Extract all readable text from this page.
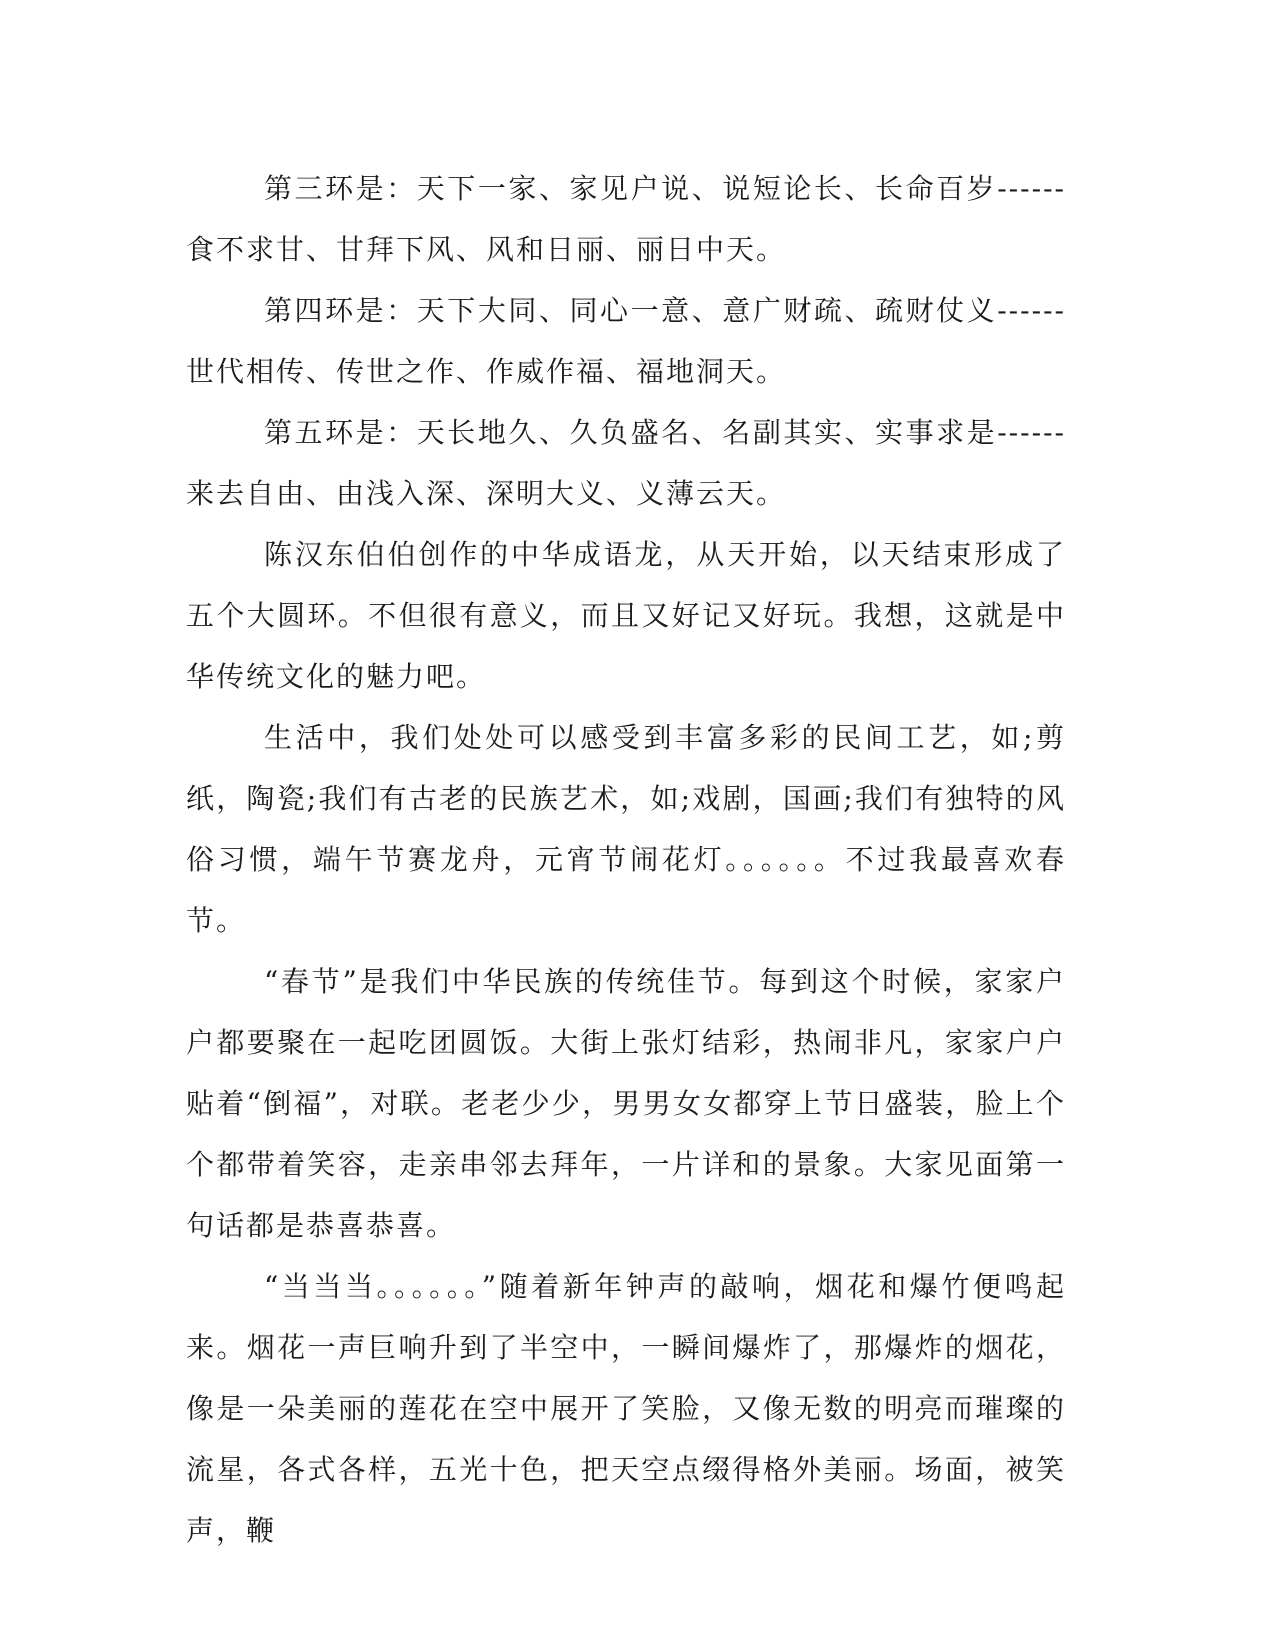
第三环是：天下一家、家见户说、说短论长、长命百岁------食不求甘、甘拜下风、风和日丽、丽日中天。

第四环是：天下大同、同心一意、意广财疏、疏财仗义------世代相传、传世之作、作威作福、福地洞天。

第五环是：天长地久、久负盛名、名副其实、实事求是------来去自由、由浅入深、深明大义、义薄云天。

陈汉东伯伯创作的中华成语龙，从天开始，以天结束形成了五个大圆环。不但很有意义，而且又好记又好玩。我想，这就是中华传统文化的魅力吧。

生活中，我们处处可以感受到丰富多彩的民间工艺，如;剪纸，陶瓷;我们有古老的民族艺术，如;戏剧，国画;我们有独特的风俗习惯，端午节赛龙舟，元宵节闹花灯。。。。。。不过我最喜欢春节。

“春节”是我们中华民族的传统佳节。每到这个时候，家家户户都要聚在一起吃团圆饭。大街上张灯结彩，热闹非凡，家家户户贴着“倒福”，对联。老老少少，男男女女都穿上节日盛装，脸上个个都带着笑容，走亲串邻去拜年，一片详和的景象。大家见面第一句话都是恭喜恭喜。

“当当当。。。。。。”随着新年钟声的敲响，烟花和爆竹便鸣起来。烟花一声巨响升到了半空中，一瞬间爆炸了，那爆炸的烟花，像是一朵美丽的莲花在空中展开了笑脸，又像无数的明亮而璀璨的流星，各式各样，五光十色，把天空点缀得格外美丽。场面，被笑声，鞭
